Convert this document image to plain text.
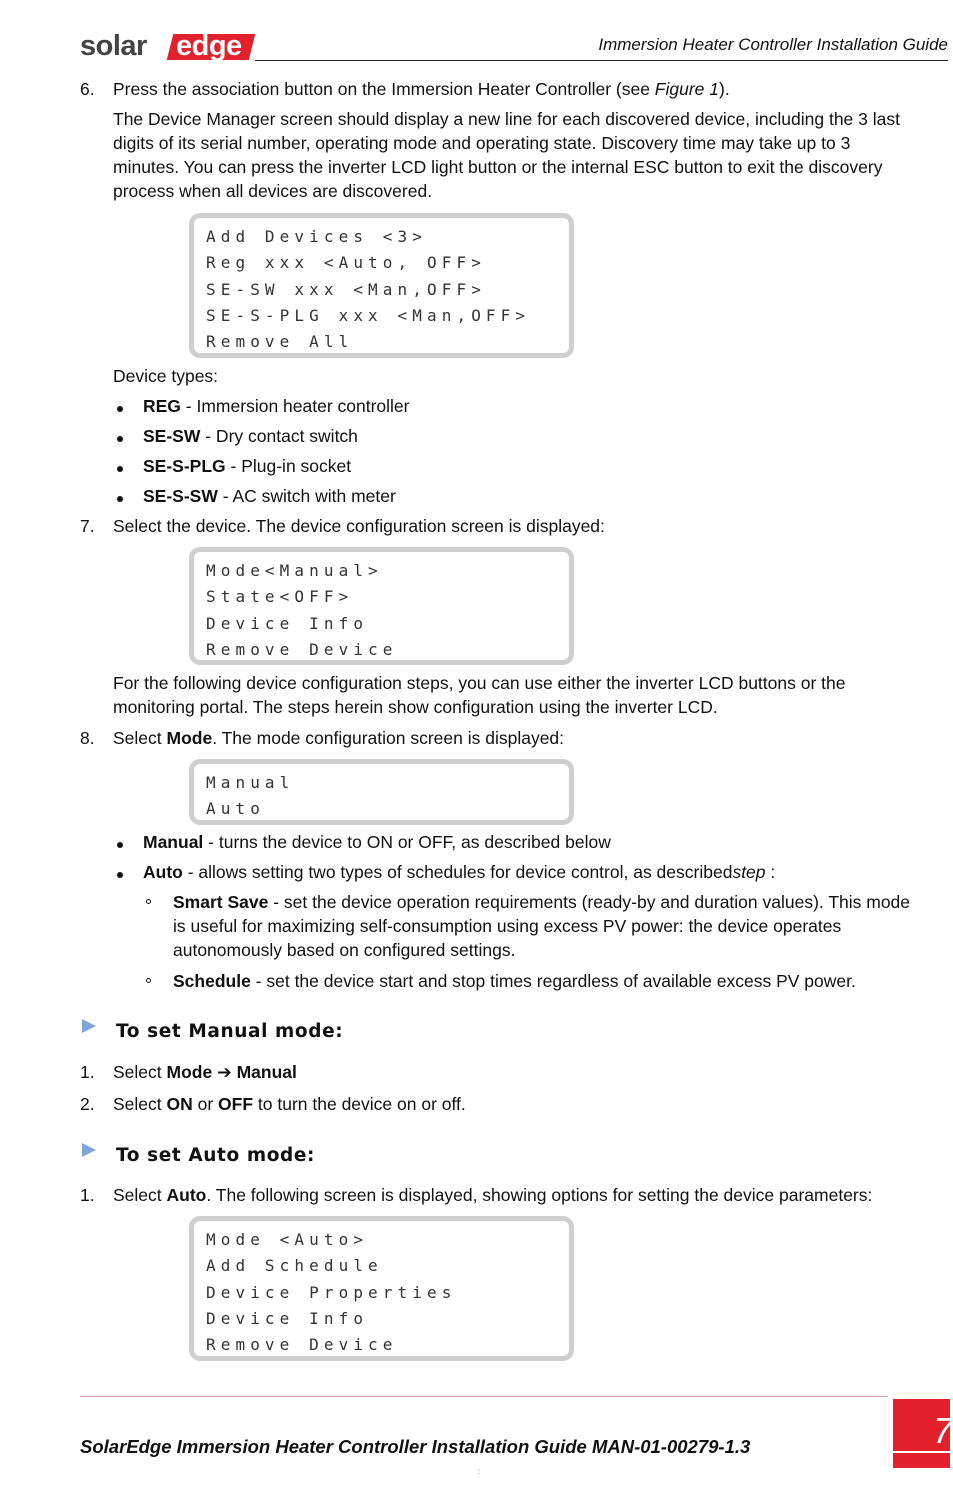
solar edge	Immersion Heater Controller Installation Guide
6. Press the association button on the Immersion Heater Controller (see Figure 1).
The Device Manager screen should display a new line for each discovered device, including the 3 last
digits of its serial number, operating mode and operating state. Discovery time may take up to 3
minutes. You can press the inverter LCD light button or the internal ESC button to exit the discovery
process when all devices are discovered.
Add Devices <3>
Reg xxx <Auto, OFF>
SE-SW xxx <Man,OFF>
SE-S-PLG xxx <Man,OFF>
Remove All
Device types:
REG - Immersion heater controller
SE-SW - Dry contact switch
SE-S-PLG - Plug-in socket
SE-S-SW - AC switch with meter
7. Select the device. The device configuration screen is displayed:
Mode<Manual>
State<OFF>
Device Info
Remove Device
For the following device configuration steps, you can use either the inverter LCD buttons or the
monitoring portal. The steps herein show configuration using the inverter LCD.
8. Select Mode. The mode configuration screen is displayed:
Manual
Auto
Manual - turns the device to ON or OFF, as described below
Auto - allows setting two types of schedules for device control, as describedstep :
Smart Save - set the device operation requirements (ready-by and duration values). This mode
is useful for maximizing self-consumption using excess PV power: the device operates
autonomously based on configured settings.
Schedule - set the device start and stop times regardless of available excess PV power.
To set Manual mode:
1. Select Mode ➔ Manual
2. Select ON or OFF to turn the device on or off.
To set Auto mode:
1. Select Auto. The following screen is displayed, showing options for setting the device parameters:
Mode <Auto>
Add Schedule
Device Properties
Device Info
Remove Device
SolarEdge Immersion Heater Controller Installation Guide MAN-01-00279-1.3	7
:
